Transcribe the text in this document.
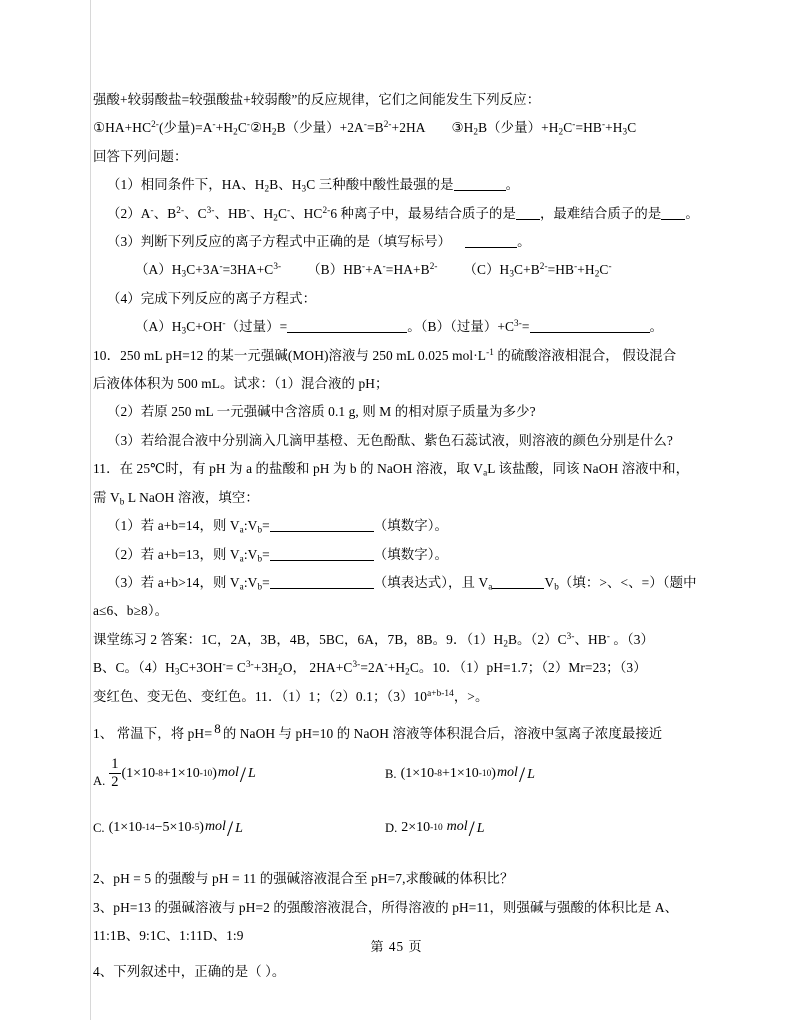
强酸+较弱酸盐=较强酸盐+较弱酸”的反应规律，它们之间能发生下列反应：
$①HA+HC^{2-}$(少量)$=A^-+H_2C^-②H_2B$（少量）$+2A^-=B^{2-}+2HA$ $③H_2B$（少量）$+H_2C^-=HB^-+H_3C$
回答下列问题：
（1）相同条件下，HA、$H_2B$、$H_3C$ 三种酸中酸性最强的是	。
（2）A-、$B^{2-}$、$C^{3-}$、HB-、$H_2C^-$、$HC^{2-}6$ 种离子中，最易结合质子的是 ，最难结合质子的是 。
（3）判断下列反应的离子方程式中正确的是（填写标号）	。
$(A)H_3C+3A^-=3HA+C^{3-}$ $(B)HB^-+A^-=HA+B^{2-}$ $(C)H_3C+B^{2-}=HB^-+H_2C^-$
（4）完成下列反应的离子方程式：
$(A)H_3C+OH^-$（过量）=	。（B）（过量）$+C^{3-}=$	。
10．250 mL pH=12 的某一元强碱(MOH)溶液与 250 mL 0.025 $mol\cdot L^{-1}$ 的硫酸溶液相混合， 假设混合
后液体体积为 500 mL。试求：（1）混合液的 pH；
（2）若原 250 mL 一元强碱中含溶质 0.1 g, 则 M 的相对原子质量为多少?
（3）若给混合液中分别滴入几滴甲基橙、无色酚酞、紫色石蕊试液，则溶液的颜色分别是什么?
11．在 25℃时，有 pH 为 a 的盐酸和 pH 为 b 的 NaOH 溶液，取 $V_aL$ 该盐酸，同该 NaOH 溶液中和，
需 $V_b$ L NaOH 溶液，填空：
（1）若 a+b=14，则 $V_a:V_b=$	（填数字）。
（2）若 a+b=13，则 $V_a:V_b=$	（填数字）。
（3）若 a+b>14，则 $V_a:V_b=$	（填表达式），且 $V_a$	$V_b$（填：>、<、=）（题中
a≤6、b≥8）。
课堂练习 2 答案：1C，2A，3B，4B，5BC，6A，7B，8B。9．$(1)H_2B$。$(2)C^{3-}$、HB- 。（3）
B、C。$(4)H_3C+3OH^-= C^{3-}+3H_2O$， $2HA+C^{3-}=2A^-+H_2C$。10．（1）pH=1.7；（2）Mr=23；（3）
变红色、变无色、变红色。11．（1）1；（2）0.1；$(3)10^{a+b-14}$，>。
1、 常温下，将 pH= 8 的 NaOH 与 pH=10 的 NaOH 溶液等体积混合后，溶液中氢离子浓度最接近
A. $\frac{1}{2} (1 \times 10$ -8 +1 × 10 -10 ) mol / L	B. (1 × 10 -8 +1 × 10 -10 ) mol / L
C. (1 × 10 -14 −5 × 10 -5 ) mol / L	D. 2×10 -10 mol / L
2、pH = 5 的强酸与 pH = 11 的强碱溶液混合至 pH=7,求酸碱的体积比？
3、pH=13 的强碱溶液与 pH=2 的强酸溶液混合，所得溶液的 pH=11，则强碱与强酸的体积比是 A、
11:1B、9:1C、1:11D、1:9
4、下列叙述中，正确的是（ ）。
第 45 页
